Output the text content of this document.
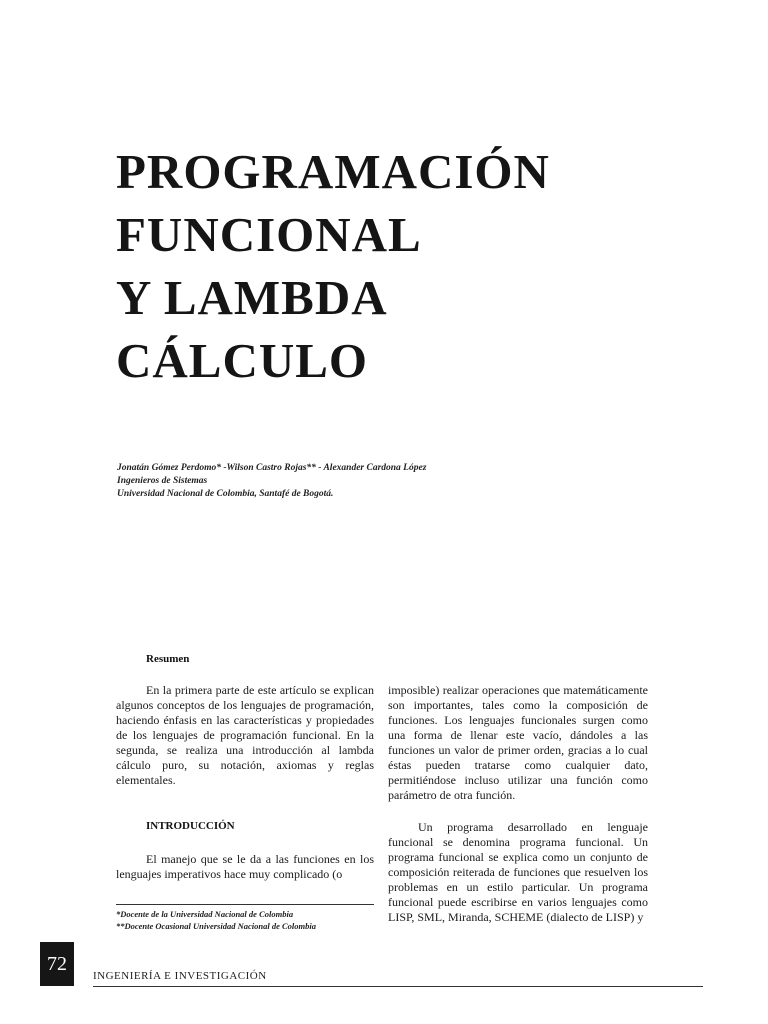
PROGRAMACIÓN
FUNCIONAL
Y LAMBDA
CÁLCULO
Jonatán Gómez Perdomo* -Wilson Castro Rojas** - Alexander Cardona López
Ingenieros de Sistemas
Universidad Nacional de Colombia, Santafé de Bogotá.
Resumen

En la primera parte de este artículo se explican algunos conceptos de los lenguajes de programación, haciendo énfasis en las características y propiedades de los lenguajes de programación funcional. En la segunda, se realiza una introducción al lambda cálculo puro, su notación, axiomas y reglas elementales.

imposible) realizar operaciones que matemáticamente son importantes, tales como la composición de funciones. Los lenguajes funcionales surgen como una forma de llenar este vacío, dándoles a las funciones un valor de primer orden, gracias a lo cual éstas pueden tratarse como cualquier dato, permitiéndose incluso utilizar una función como parámetro de otra función.

INTRODUCCIÓN

El manejo que se le da a las funciones en los lenguajes imperativos hace muy complicado (o

Un programa desarrollado en lenguaje funcional se denomina programa funcional. Un programa funcional se explica como un conjunto de composición reiterada de funciones que resuelven los problemas en un estilo particular. Un programa funcional puede escribirse en varios lenguajes como LISP, SML, Miranda, SCHEME (dialecto de LISP) y

*Docente de la Universidad Nacional de Colombia
**Docente Ocasional Universidad Nacional de Colombia
72
INGENIERÍA E INVESTIGACIÓN
